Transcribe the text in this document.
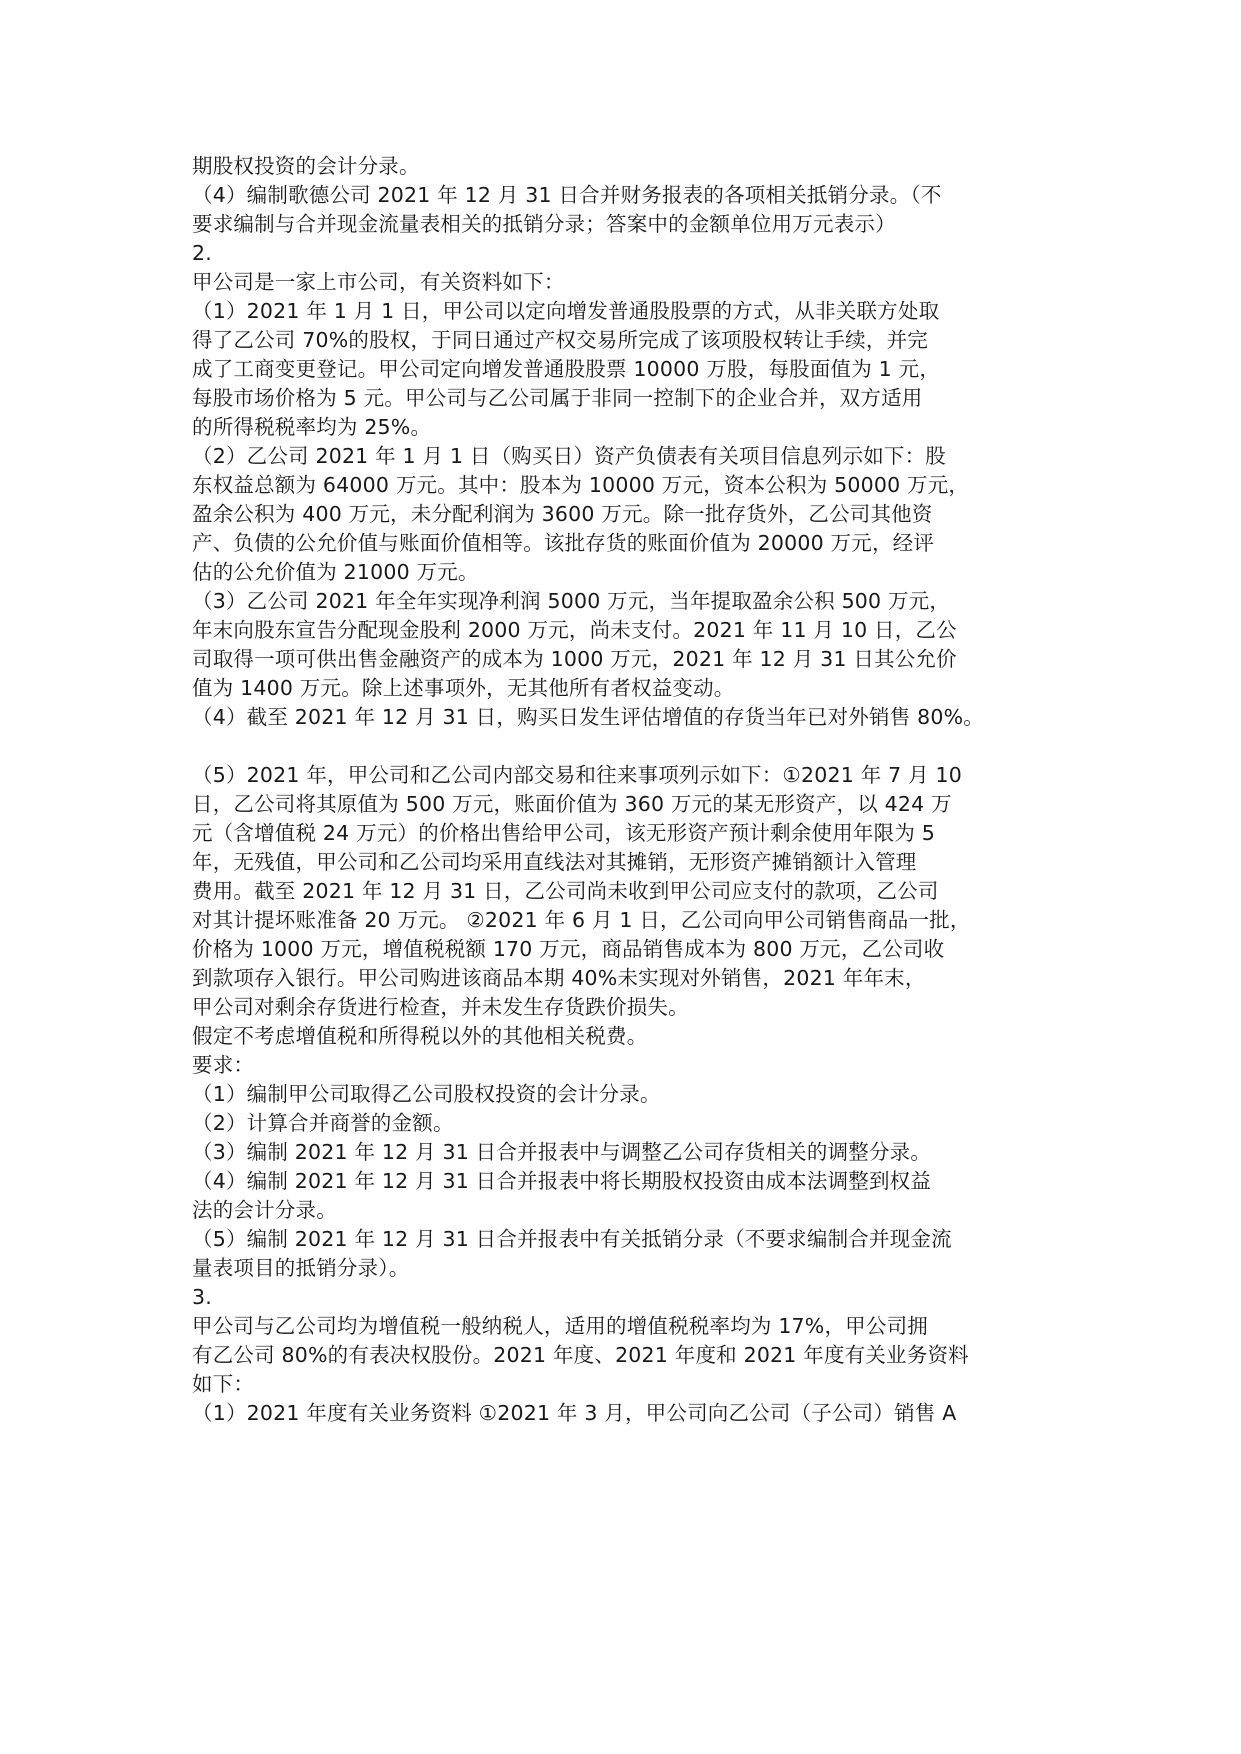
期股权投资的会计分录。
（4）编制歌德公司 2021 年 12 月 31 日合并财务报表的各项相关抵销分录。（不
要求编制与合并现金流量表相关的抵销分录；答案中的金额单位用万元表示）
2.
甲公司是一家上市公司，有关资料如下：
（1）2021 年 1 月 1 日，甲公司以定向增发普通股股票的方式，从非关联方处取
得了乙公司 70%的股权，于同日通过产权交易所完成了该项股权转让手续，并完
成了工商变更登记。甲公司定向增发普通股股票 10000 万股，每股面值为 1 元，
每股市场价格为 5 元。甲公司与乙公司属于非同一控制下的企业合并，双方适用
的所得税税率均为 25%。
（2）乙公司 2021 年 1 月 1 日（购买日）资产负债表有关项目信息列示如下：股
东权益总额为 64000 万元。其中：股本为 10000 万元，资本公积为 50000 万元，
盈余公积为 400 万元，未分配利润为 3600 万元。除一批存货外，乙公司其他资
产、负债的公允价值与账面价值相等。该批存货的账面价值为 20000 万元，经评
估的公允价值为 21000 万元。
（3）乙公司 2021 年全年实现净利润 5000 万元，当年提取盈余公积 500 万元，
年末向股东宣告分配现金股利 2000 万元，尚未支付。2021 年 11 月 10 日，乙公
司取得一项可供出售金融资产的成本为 1000 万元，2021 年 12 月 31 日其公允价
值为 1400 万元。除上述事项外，无其他所有者权益变动。
（4）截至 2021 年 12 月 31 日，购买日发生评估增值的存货当年已对外销售 80%。
（5）2021 年，甲公司和乙公司内部交易和往来事项列示如下：①2021 年 7 月 10
日，乙公司将其原值为 500 万元，账面价值为 360 万元的某无形资产，以 424 万
元（含增值税 24 万元）的价格出售给甲公司，该无形资产预计剩余使用年限为 5
年，无残值，甲公司和乙公司均采用直线法对其摊销，无形资产摊销额计入管理
费用。截至 2021 年 12 月 31 日，乙公司尚未收到甲公司应支付的款项，乙公司
对其计提坏账准备 20 万元。 ②2021 年 6 月 1 日，乙公司向甲公司销售商品一批，
价格为 1000 万元，增值税税额 170 万元，商品销售成本为 800 万元，乙公司收
到款项存入银行。甲公司购进该商品本期 40%未实现对外销售，2021 年年末，
甲公司对剩余存货进行检查，并未发生存货跌价损失。
假定不考虑增值税和所得税以外的其他相关税费。
要求：
（1）编制甲公司取得乙公司股权投资的会计分录。
（2）计算合并商誉的金额。
（3）编制 2021 年 12 月 31 日合并报表中与调整乙公司存货相关的调整分录。
（4）编制 2021 年 12 月 31 日合并报表中将长期股权投资由成本法调整到权益
法的会计分录。
（5）编制 2021 年 12 月 31 日合并报表中有关抵销分录（不要求编制合并现金流
量表项目的抵销分录）。
3.
甲公司与乙公司均为增值税一般纳税人，适用的增值税税率均为 17%，甲公司拥
有乙公司 80%的有表决权股份。2021 年度、2021 年度和 2021 年度有关业务资料
如下：
（1）2021 年度有关业务资料 ①2021 年 3 月，甲公司向乙公司（子公司）销售 A
